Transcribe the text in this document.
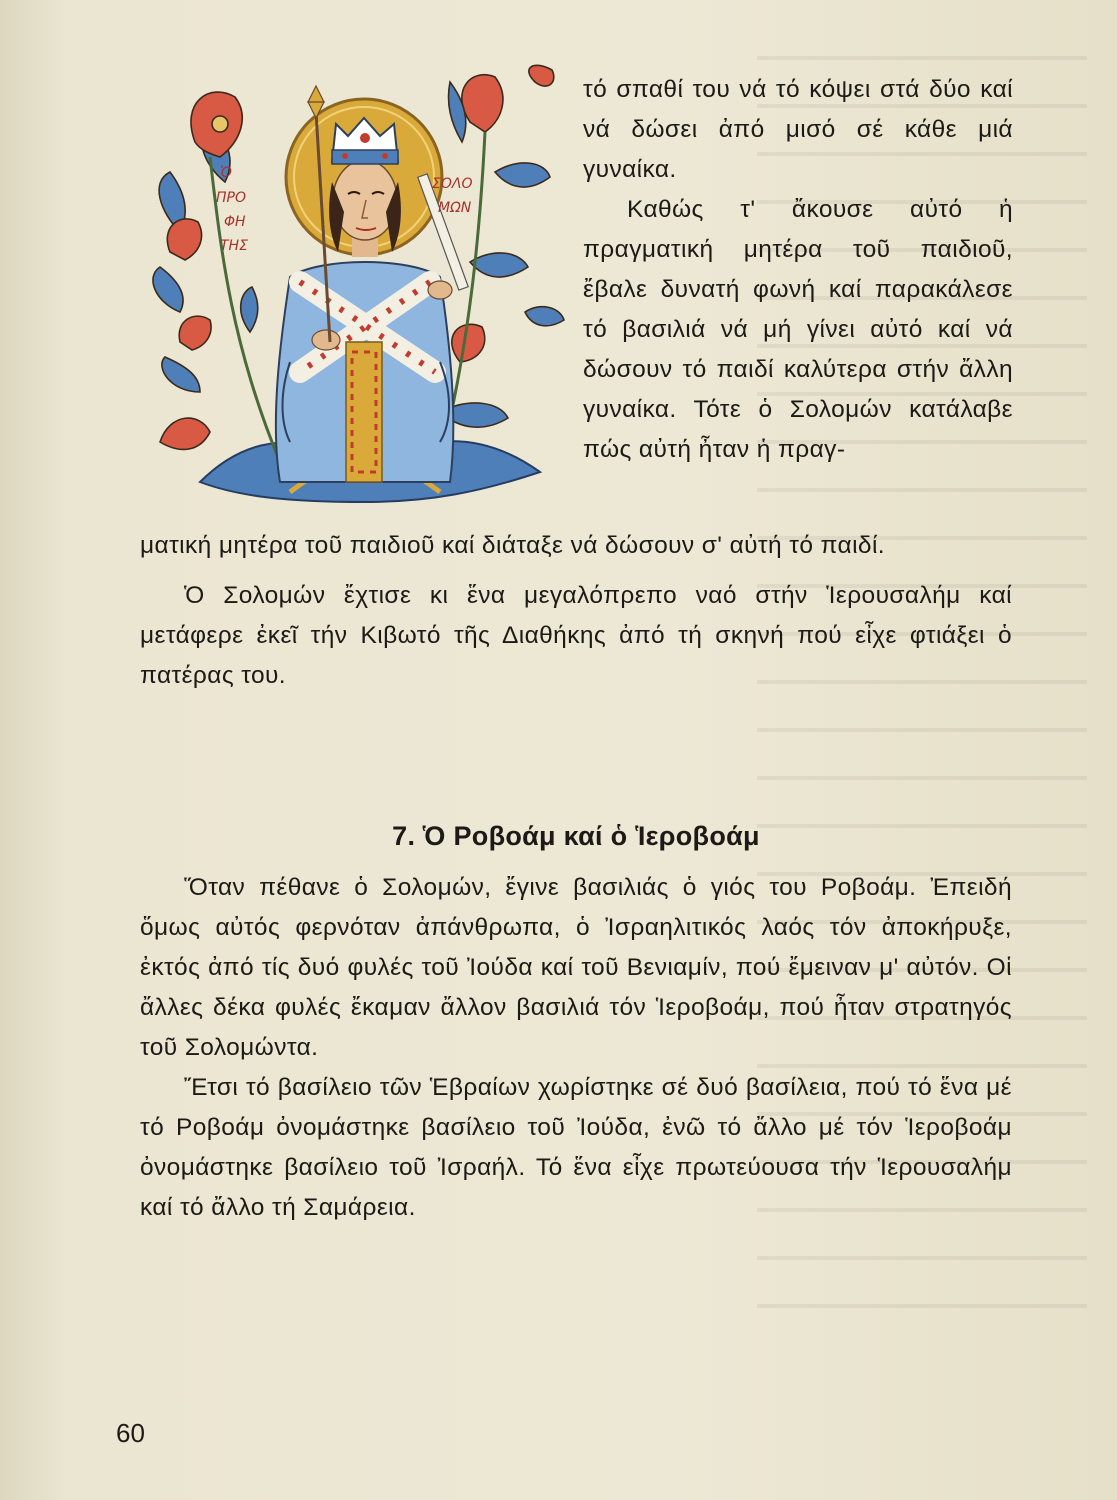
Ὁ
ΠΡΟ
ΦΗ
ΤΗΣ
ΣΟΛΟ
ΜΩΝ

τό σπαθί του νά τό κόψει στά δύο καί νά δώσει ἀπό μισό σέ κάθε μιά γυναίκα.

Καθώς τ' ἄκουσε αὐτό ἡ πραγματική μητέρα τοῦ παιδιοῦ, ἔβαλε δυνατή φωνή καί παρακάλεσε τό βασιλιά νά μή γίνει αὐτό καί νά δώσουν τό παιδί καλύτερα στήν ἄλλη γυναίκα. Τότε ὁ Σολομών κατάλαβε πώς αὐτή ἦταν ἡ πραγ-

ματική μητέρα τοῦ παιδιοῦ καί διάταξε νά δώσουν σ' αὐτή τό παιδί.

Ὁ Σολομών ἔχτισε κι ἕνα μεγαλόπρεπο ναό στήν Ἱερουσαλήμ καί μετάφερε ἐκεῖ τήν Κιβωτό τῆς Διαθήκης ἀπό τή σκηνή πού εἶχε φτιάξει ὁ πατέρας του.

7. Ὁ Ροβοάμ καί ὁ Ἱεροβοάμ

Ὅταν πέθανε ὁ Σολομών, ἔγινε βασιλιάς ὁ γιός του Ροβοάμ. Ἐπειδή ὅμως αὐτός φερνόταν ἀπάνθρωπα, ὁ Ἰσραηλιτικός λαός τόν ἀποκήρυξε, ἐκτός ἀπό τίς δυό φυλές τοῦ Ἰούδα καί τοῦ Βενιαμίν, πού ἔμειναν μ' αὐτόν. Οἱ ἄλλες δέκα φυλές ἔκαμαν ἄλλον βασιλιά τόν Ἱεροβοάμ, πού ἦταν στρατηγός τοῦ Σολομώντα.

Ἔτσι τό βασίλειο τῶν Ἑβραίων χωρίστηκε σέ δυό βασίλεια, πού τό ἕνα μέ τό Ροβοάμ ὀνομάστηκε βασίλειο τοῦ Ἰούδα, ἐνῶ τό ἄλλο μέ τόν Ἱεροβοάμ ὀνομάστηκε βασίλειο τοῦ Ἰσραήλ. Τό ἕνα εἶχε πρωτεύουσα τήν Ἱερουσαλήμ καί τό ἄλλο τή Σαμάρεια.

60
